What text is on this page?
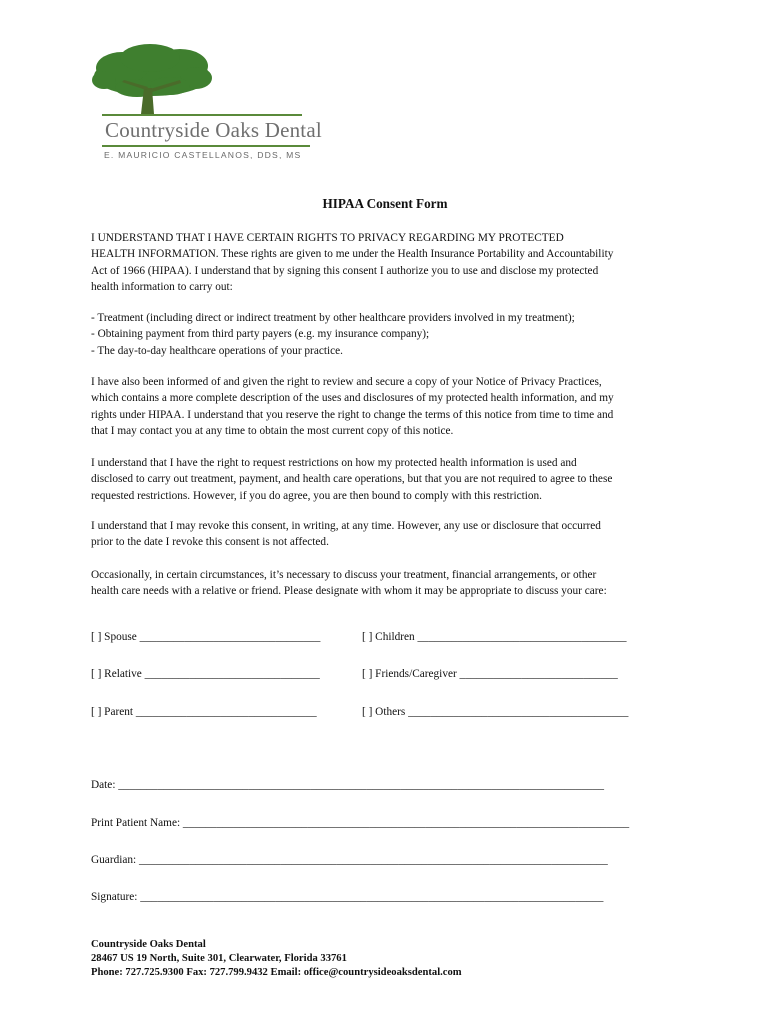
Countryside Oaks Dental
E. MAURICIO CASTELLANOS, DDS, MS
HIPAA Consent Form

I UNDERSTAND THAT I HAVE CERTAIN RIGHTS TO PRIVACY REGARDING MY PROTECTED
HEALTH INFORMATION. These rights are given to me under the Health Insurance Portability and Accountability
Act of 1966 (HIPAA). I understand that by signing this consent I authorize you to use and disclose my protected
health information to carry out:

- Treatment (including direct or indirect treatment by other healthcare providers involved in my treatment);
- Obtaining payment from third party payers (e.g. my insurance company);
- The day-to-day healthcare operations of your practice.

I have also been informed of and given the right to review and secure a copy of your Notice of Privacy Practices,
which contains a more complete description of the uses and disclosures of my protected health information, and my
rights under HIPAA. I understand that you reserve the right to change the terms of this notice from time to time and
that I may contact you at any time to obtain the most current copy of this notice.

I understand that I have the right to request restrictions on how my protected health information is used and
disclosed to carry out treatment, payment, and health care operations, but that you are not required to agree to these
requested restrictions. However, if you do agree, you are then bound to comply with this restriction.

I understand that I may revoke this consent, in writing, at any time. However, any use or disclosure that occurred
prior to the date I revoke this consent is not affected.

Occasionally, in certain circumstances, it’s necessary to discuss your treatment, financial arrangements, or other
health care needs with a relative or friend. Please designate with whom it may be appropriate to discuss your care:

[ ] Spouse ________________________________	[ ] Children _____________________________________
[ ] Relative _______________________________	[ ] Friends/Caregiver ____________________________
[ ] Parent ________________________________	[ ] Others _______________________________________
Date: ______________________________________________________________________________________
Print Patient Name: _______________________________________________________________________________
Guardian: ___________________________________________________________________________________
Signature: __________________________________________________________________________________
Countryside Oaks Dental
28467 US 19 North, Suite 301, Clearwater, Florida 33761
Phone: 727.725.9300 Fax: 727.799.9432 Email: office@countrysideoaksdental.com
